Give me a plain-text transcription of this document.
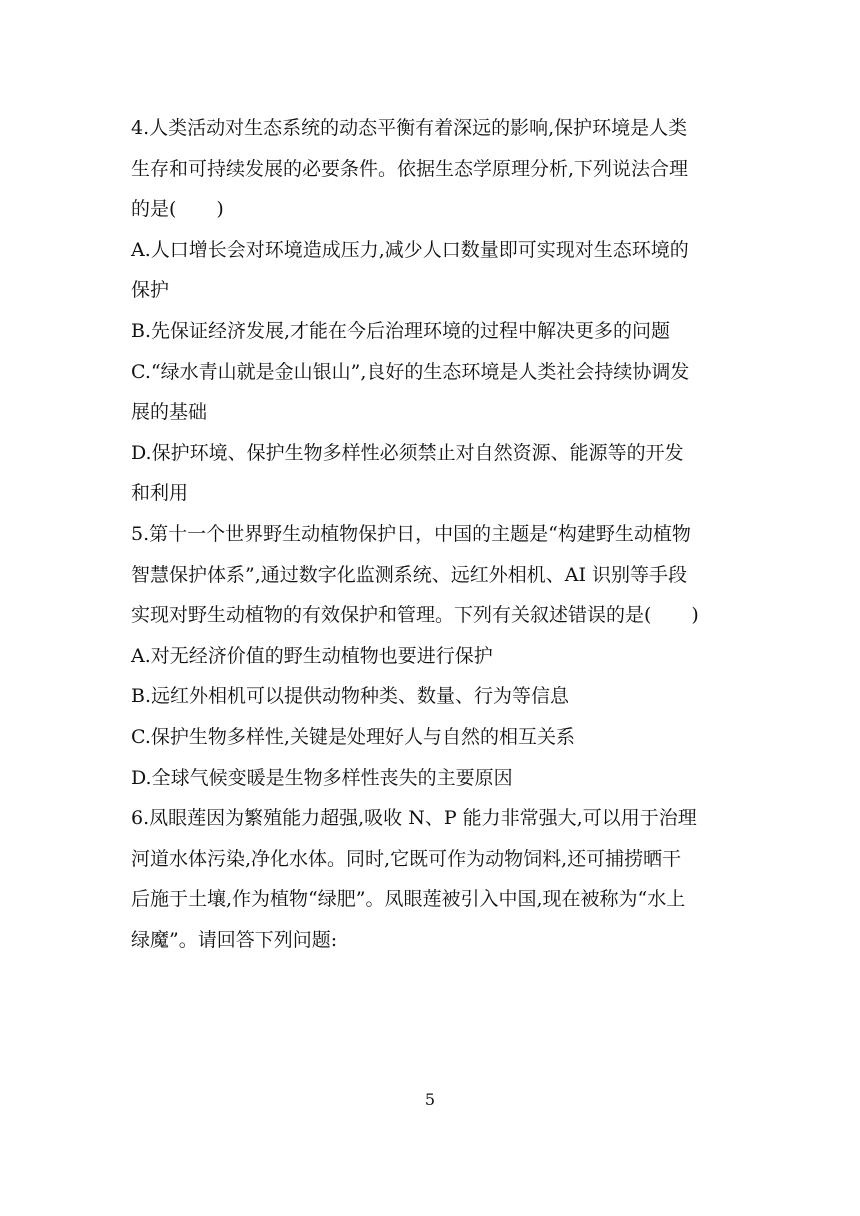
4.人类活动对生态系统的动态平衡有着深远的影响,保护环境是人类
生存和可持续发展的必要条件。依据生态学原理分析,下列说法合理
的是( )
A.人口增长会对环境造成压力,减少人口数量即可实现对生态环境的
保护
B.先保证经济发展,才能在今后治理环境的过程中解决更多的问题
C.“绿水青山就是金山银山”,良好的生态环境是人类社会持续协调发
展的基础
D.保护环境、保护生物多样性必须禁止对自然资源、能源等的开发
和利用
5.第十一个世界野生动植物保护日，中国的主题是“构建野生动植物
智慧保护体系”,通过数字化监测系统、远红外相机、AI 识别等手段
实现对野生动植物的有效保护和管理。下列有关叙述错误的是( )
A.对无经济价值的野生动植物也要进行保护
B.远红外相机可以提供动物种类、数量、行为等信息
C.保护生物多样性,关键是处理好人与自然的相互关系
D.全球气候变暖是生物多样性丧失的主要原因
6.凤眼莲因为繁殖能力超强,吸收 N、P 能力非常强大,可以用于治理
河道水体污染,净化水体。同时,它既可作为动物饲料,还可捕捞晒干
后施于土壤,作为植物“绿肥”。凤眼莲被引入中国,现在被称为“水上
绿魔”。请回答下列问题:
5
